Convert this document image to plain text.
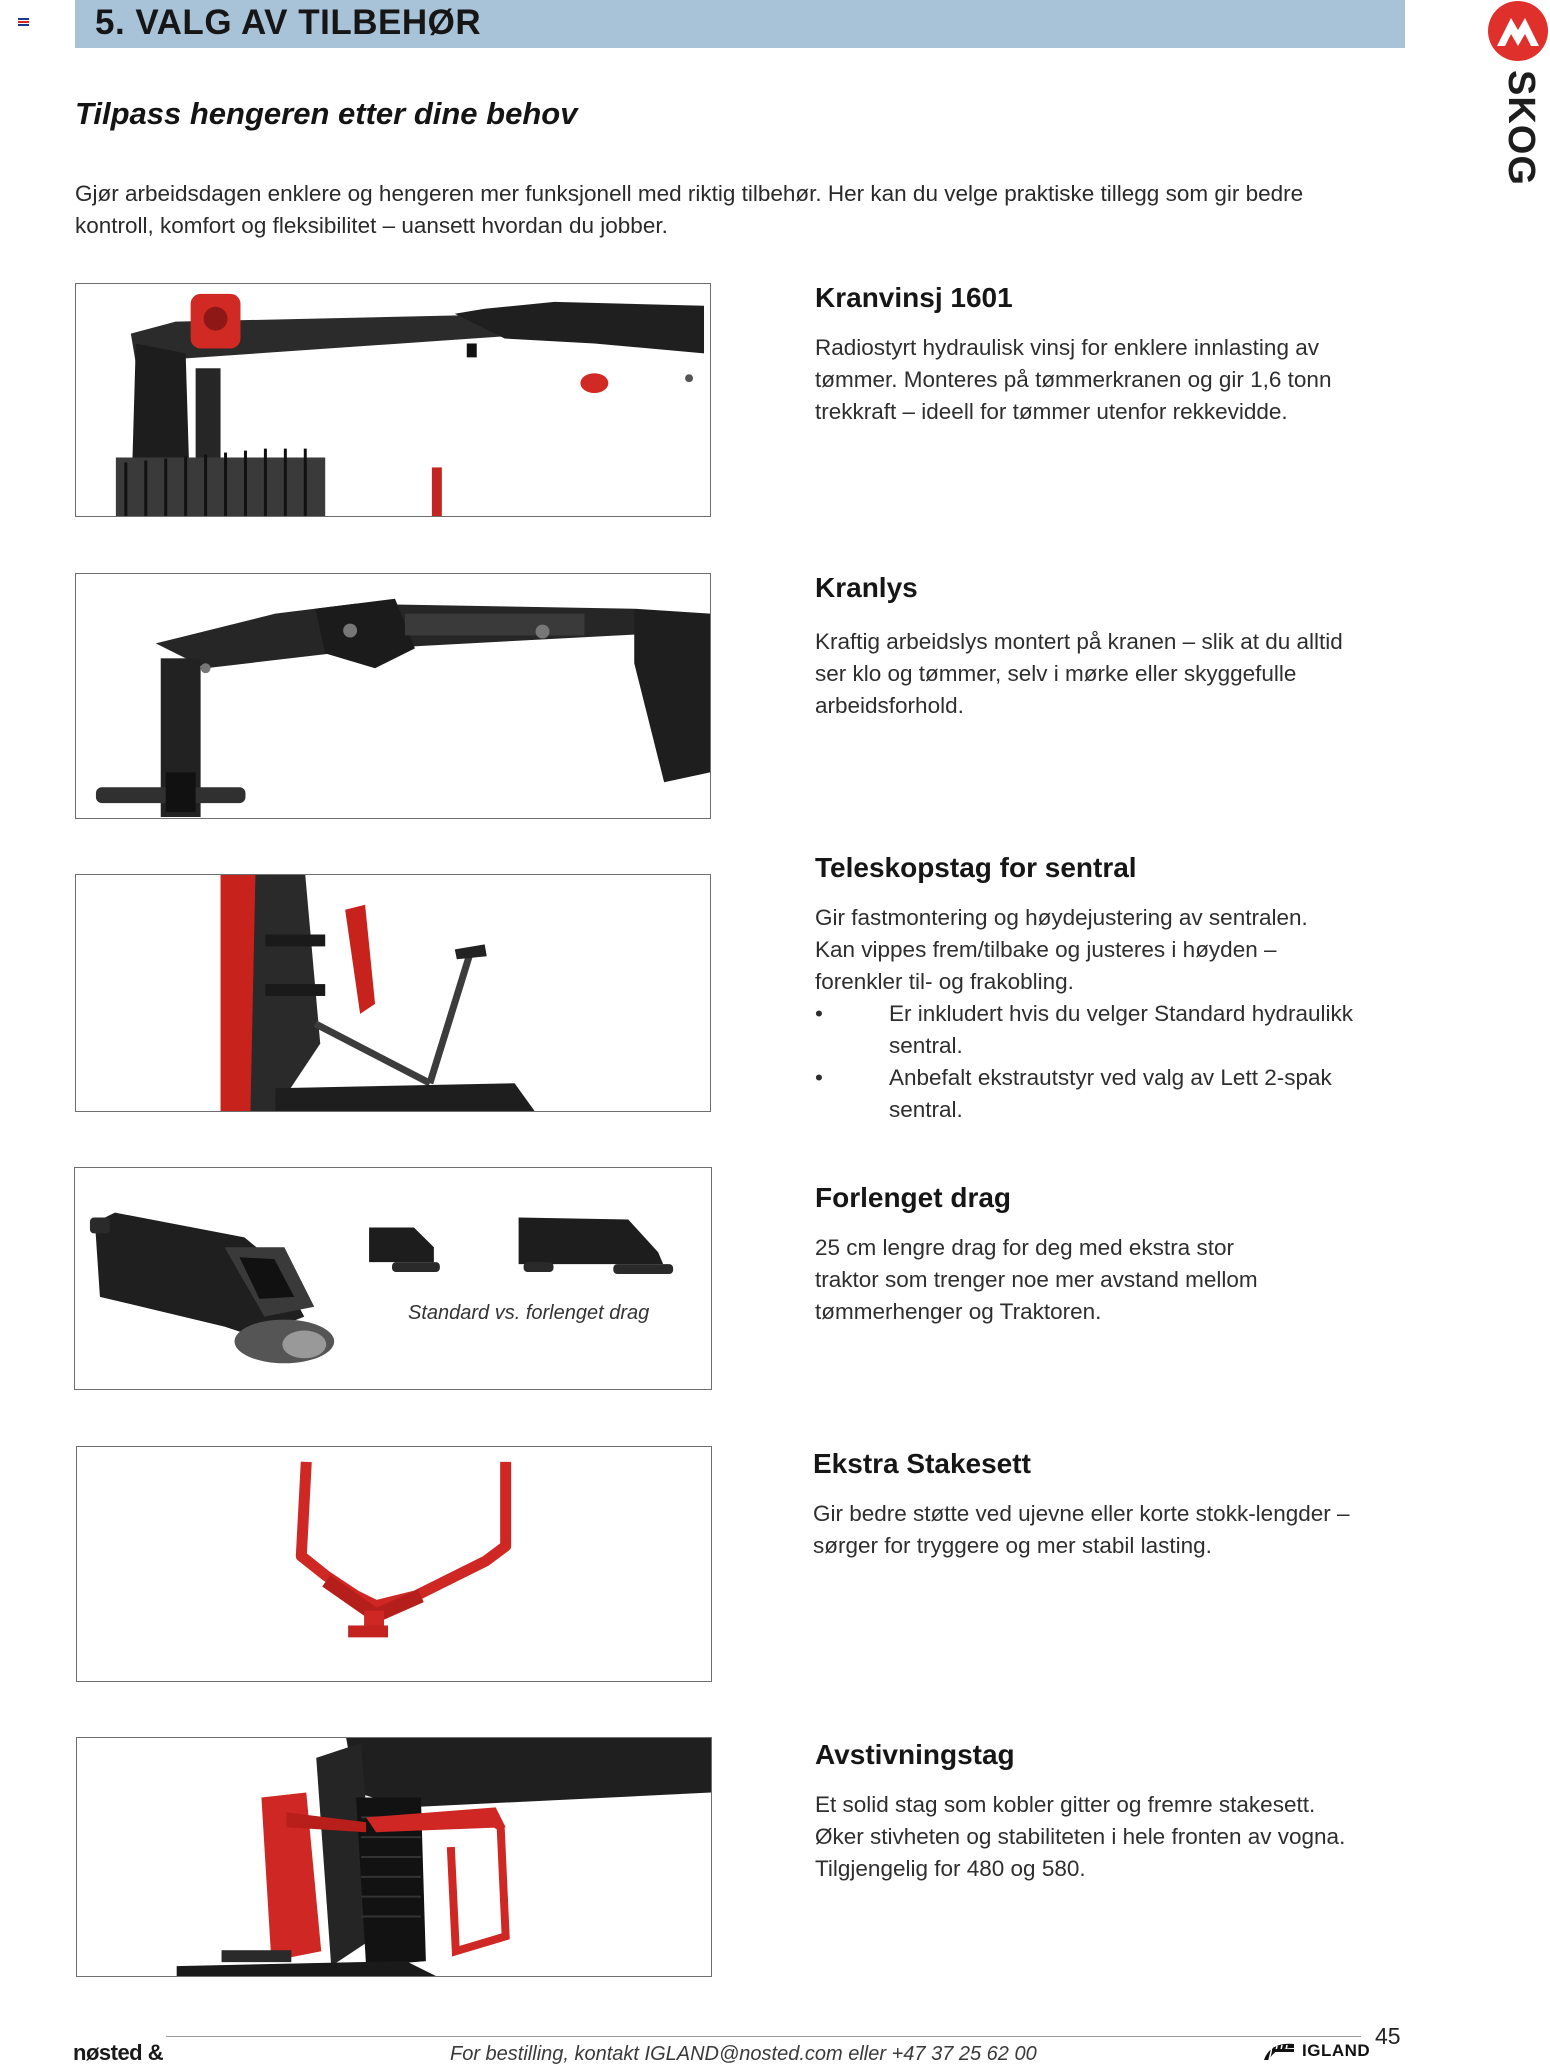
5. VALG AV TILBEHØR
SKOG
Tilpass hengeren etter dine behov
Gjør arbeidsdagen enklere og hengeren mer funksjonell med riktig tilbehør. Her kan du velge praktiske tillegg som gir bedre kontroll, komfort og fleksibilitet – uansett hvordan du jobber.
Kranvinsj 1601
Radiostyrt hydraulisk vinsj for enklere innlasting av
tømmer. Monteres på tømmerkranen og gir 1,6 tonn
trekkraft – ideell for tømmer utenfor rekkevidde.
Kranlys
Kraftig arbeidslys montert på kranen – slik at du alltid
ser klo og tømmer, selv i mørke eller skyggefulle
arbeidsforhold.
Teleskopstag for sentral
Gir fastmontering og høydejustering av sentralen.
Kan vippes frem/tilbake og justeres i høyden –
forenkler til- og frakobling.
•	Er inkludert hvis du velger Standard hydraulikk
sentral.
•	Anbefalt ekstrautstyr ved valg av Lett 2-spak
sentral.
Standard vs. forlenget drag
Forlenget drag
25 cm lengre drag for deg med ekstra stor
traktor som trenger noe mer avstand mellom
tømmerhenger og Traktoren.
Ekstra Stakesett
Gir bedre støtte ved ujevne eller korte stokk-lengder –
sørger for tryggere og mer stabil lasting.
Avstivningstag
Et solid stag som kobler gitter og fremre stakesett.
Øker stivheten og stabiliteten i hele fronten av vogna.
Tilgjengelig for 480 og 580.
45
nøsted &	For bestilling, kontakt IGLAND@nosted.com eller +47 37 25 62 00	IGLAND
